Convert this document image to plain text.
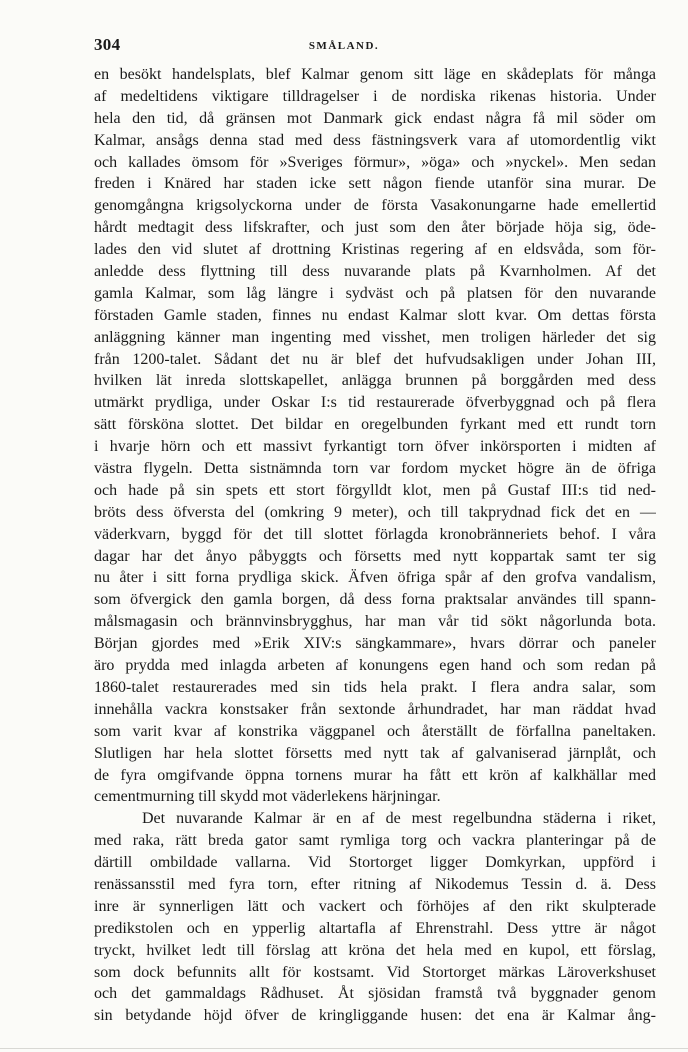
304	SMÅLAND.
en besökt handelsplats, blef Kalmar genom sitt läge en skådeplats för många
af medeltidens viktigare tilldragelser i de nordiska rikenas historia. Under
hela den tid, då gränsen mot Danmark gick endast några få mil söder om
Kalmar, ansågs denna stad med dess fästningsverk vara af utomordentlig vikt
och kallades ömsom för »Sveriges förmur», »öga» och »nyckel». Men sedan
freden i Knäred har staden icke sett någon fiende utanför sina murar. De
genomgångna krigsolyckorna under de första Vasakonungarne hade emellertid
hårdt medtagit dess lifskrafter, och just som den åter började höja sig, öde-
lades den vid slutet af drottning Kristinas regering af en eldsvåda, som för-
anledde dess flyttning till dess nuvarande plats på Kvarnholmen. Af det
gamla Kalmar, som låg längre i sydväst och på platsen för den nuvarande
förstaden Gamle staden, finnes nu endast Kalmar slott kvar. Om dettas första
anläggning känner man ingenting med visshet, men troligen härleder det sig
från 1200-talet. Sådant det nu är blef det hufvudsakligen under Johan III,
hvilken lät inreda slottskapellet, anlägga brunnen på borggården med dess
utmärkt prydliga, under Oskar I:s tid restaurerade öfverbyggnad och på flera
sätt försköna slottet. Det bildar en oregelbunden fyrkant med ett rundt torn
i hvarje hörn och ett massivt fyrkantigt torn öfver inkörsporten i midten af
västra flygeln. Detta sistnämnda torn var fordom mycket högre än de öfriga
och hade på sin spets ett stort förgylldt klot, men på Gustaf III:s tid ned-
bröts dess öfversta del (omkring 9 meter), och till takprydnad fick det en —
väderkvarn, byggd för det till slottet förlagda kronobränneriets behof. I våra
dagar har det ånyo påbyggts och försetts med nytt koppartak samt ter sig
nu åter i sitt forna prydliga skick. Äfven öfriga spår af den grofva vandalism,
som öfvergick den gamla borgen, då dess forna praktsalar användes till spann-
målsmagasin och brännvinsbrygghus, har man vår tid sökt någorlunda bota.
Början gjordes med »Erik XIV:s sängkammare», hvars dörrar och paneler
äro prydda med inlagda arbeten af konungens egen hand och som redan på
1860-talet restaurerades med sin tids hela prakt. I flera andra salar, som
innehålla vackra konstsaker från sextonde århundradet, har man räddat hvad
som varit kvar af konstrika väggpanel och återställt de förfallna paneltaken.
Slutligen har hela slottet försetts med nytt tak af galvaniserad järnplåt, och
de fyra omgifvande öppna tornens murar ha fått ett krön af kalkhällar med
cementmurning till skydd mot väderlekens härjningar.
Det nuvarande Kalmar är en af de mest regelbundna städerna i riket,
med raka, rätt breda gator samt rymliga torg och vackra planteringar på de
därtill ombildade vallarna. Vid Stortorget ligger Domkyrkan, uppförd i
renässansstil med fyra torn, efter ritning af Nikodemus Tessin d. ä. Dess
inre är synnerligen lätt och vackert och förhöjes af den rikt skulpterade
predikstolen och en ypperlig altartafla af Ehrenstrahl. Dess yttre är något
tryckt, hvilket ledt till förslag att kröna det hela med en kupol, ett förslag,
som dock befunnits allt för kostsamt. Vid Stortorget märkas Läroverkshuset
och det gammaldags Rådhuset. Åt sjösidan framstå två byggnader genom
sin betydande höjd öfver de kringliggande husen: det ena är Kalmar ång-
